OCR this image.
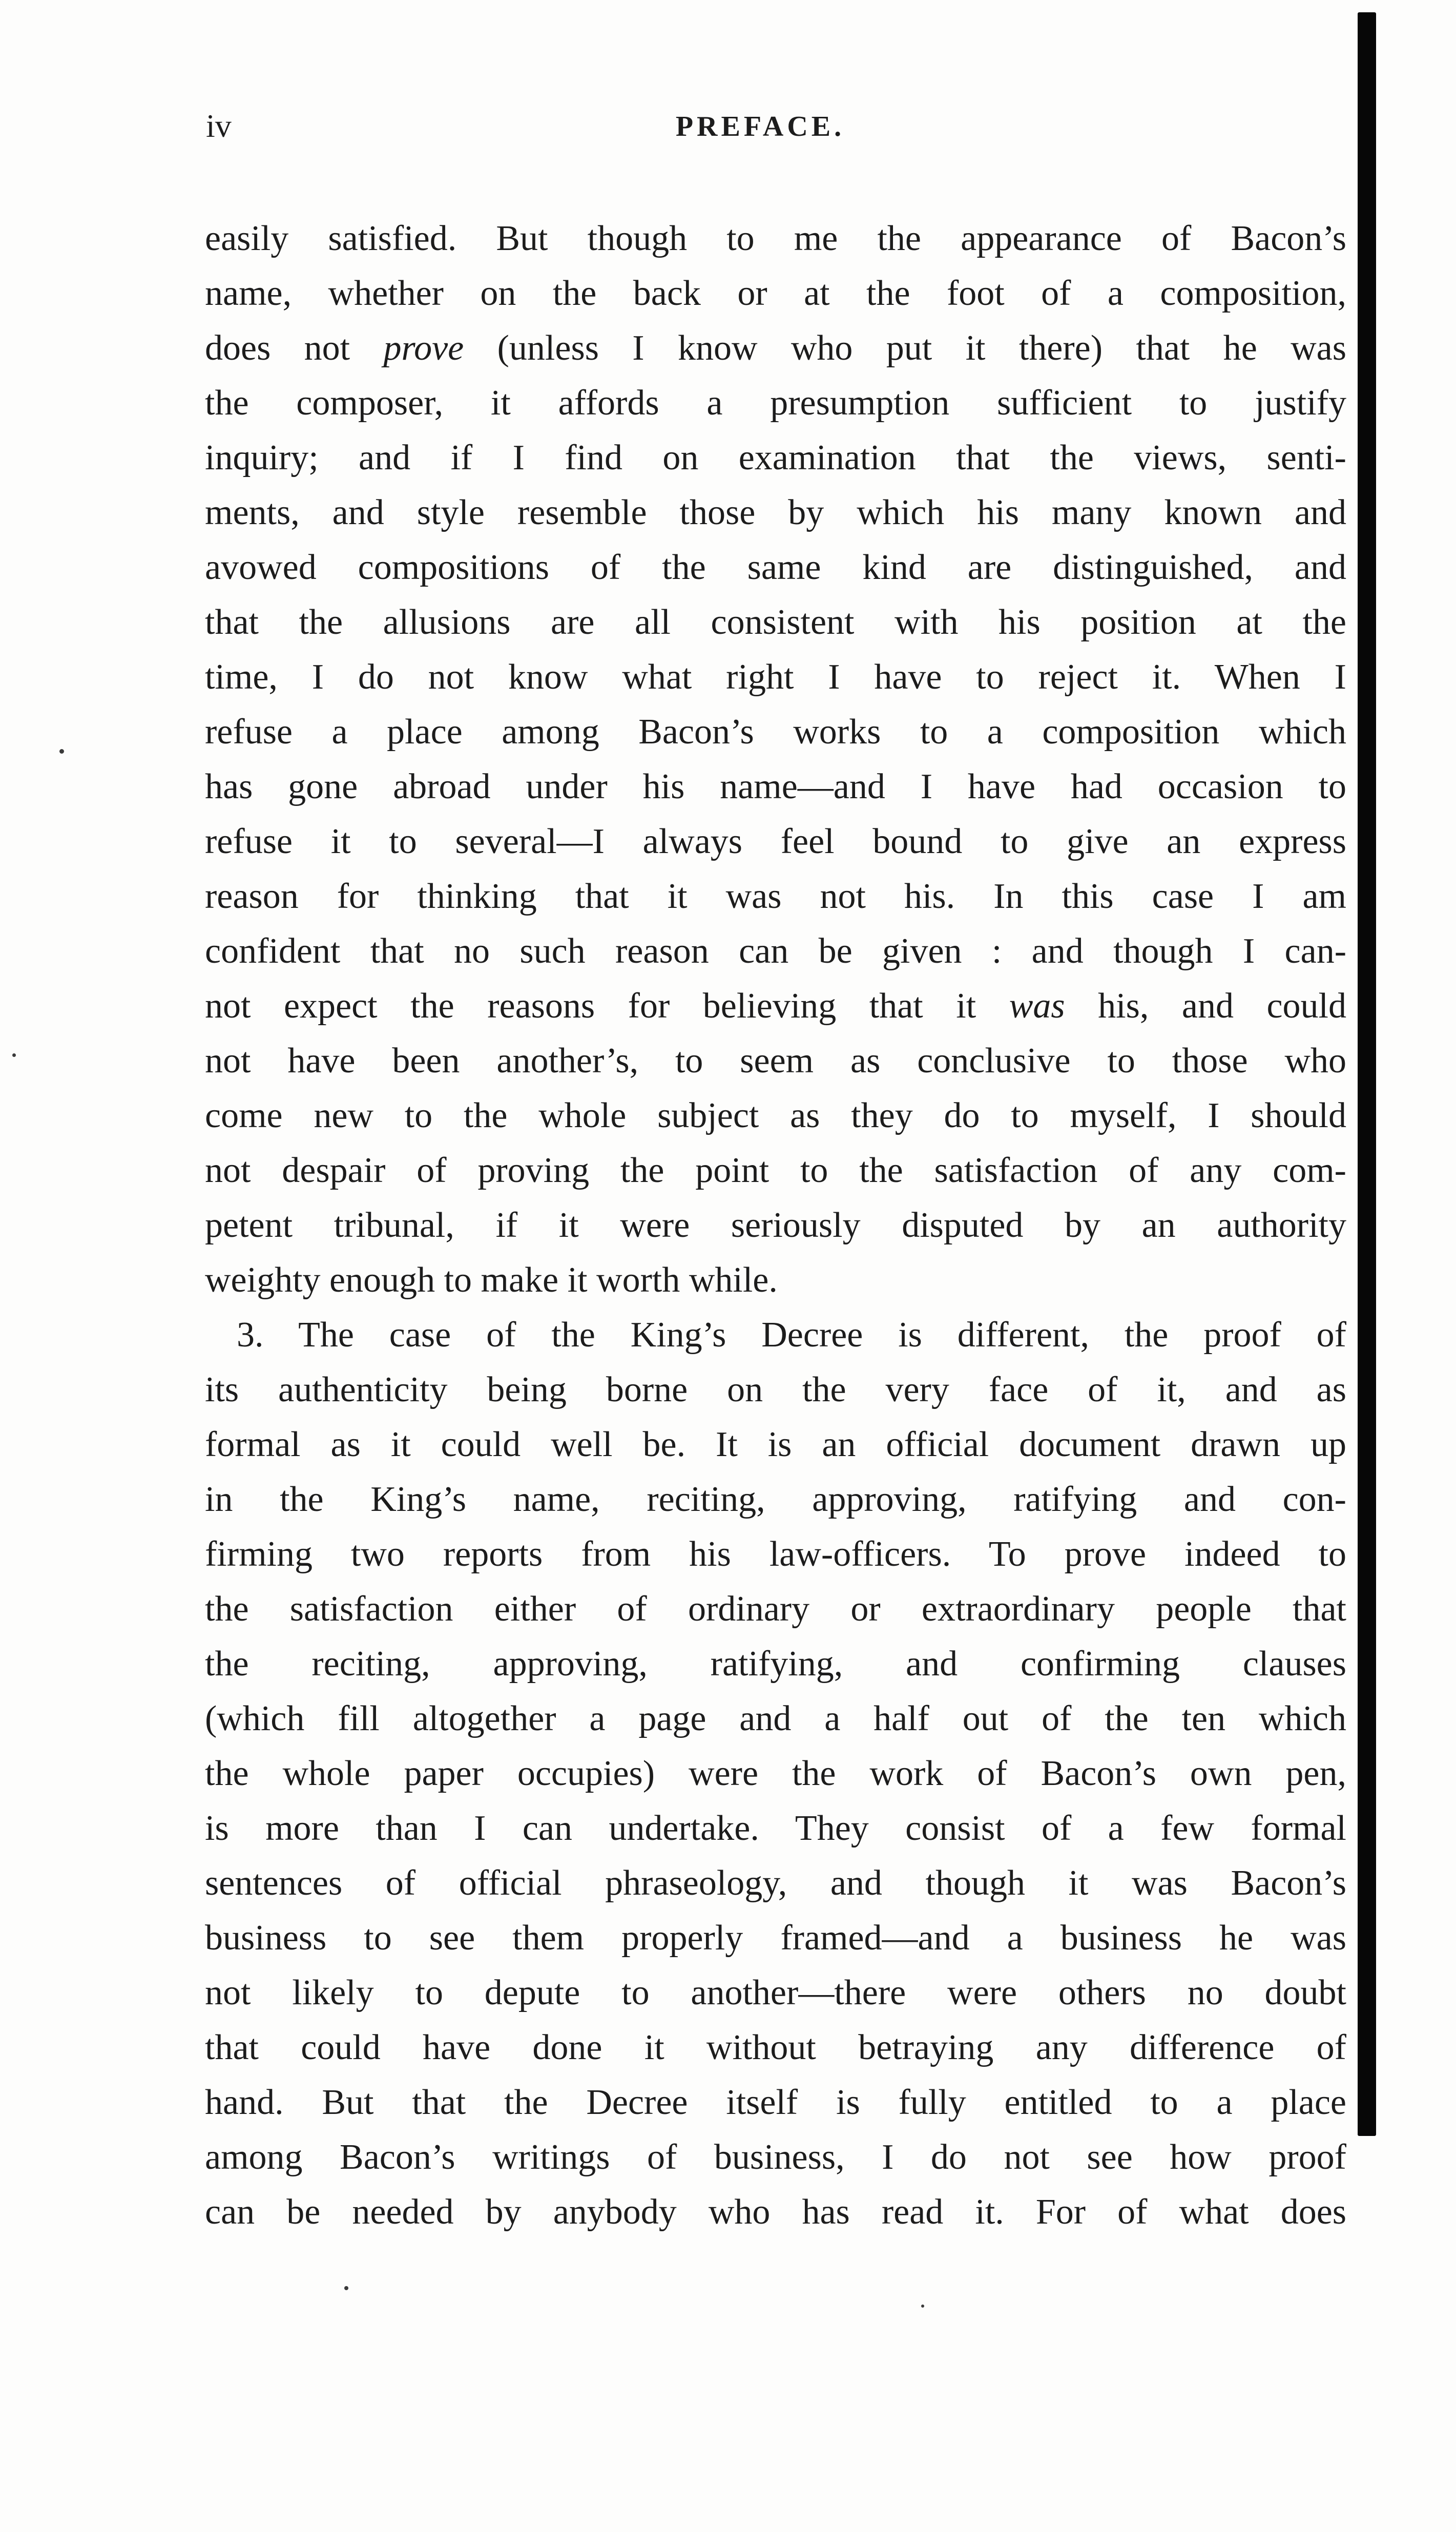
iv	PREFACE.
easily satisfied. But though to me the appearance of Bacon’s
name, whether on the back or at the foot of a composition,
does not prove (unless I know who put it there) that he was
the composer, it affords a presumption sufficient to justify
inquiry; and if I find on examination that the views, senti-
ments, and style resemble those by which his many known and
avowed compositions of the same kind are distinguished, and
that the allusions are all consistent with his position at the
time, I do not know what right I have to reject it. When I
refuse a place among Bacon’s works to a composition which
has gone abroad under his name—and I have had occasion to
refuse it to several—I always feel bound to give an express
reason for thinking that it was not his. In this case I am
confident that no such reason can be given : and though I can-
not expect the reasons for believing that it was his, and could
not have been another’s, to seem as conclusive to those who
come new to the whole subject as they do to myself, I should
not despair of proving the point to the satisfaction of any com-
petent tribunal, if it were seriously disputed by an authority
weighty enough to make it worth while.
3. The case of the King’s Decree is different, the proof of
its authenticity being borne on the very face of it, and as
formal as it could well be. It is an official document drawn up
in the King’s name, reciting, approving, ratifying and con-
firming two reports from his law-officers. To prove indeed to
the satisfaction either of ordinary or extraordinary people that
the reciting, approving, ratifying, and confirming clauses
(which fill altogether a page and a half out of the ten which
the whole paper occupies) were the work of Bacon’s own pen,
is more than I can undertake. They consist of a few formal
sentences of official phraseology, and though it was Bacon’s
business to see them properly framed—and a business he was
not likely to depute to another—there were others no doubt
that could have done it without betraying any difference of
hand. But that the Decree itself is fully entitled to a place
among Bacon’s writings of business, I do not see how proof
can be needed by anybody who has read it. For of what does
